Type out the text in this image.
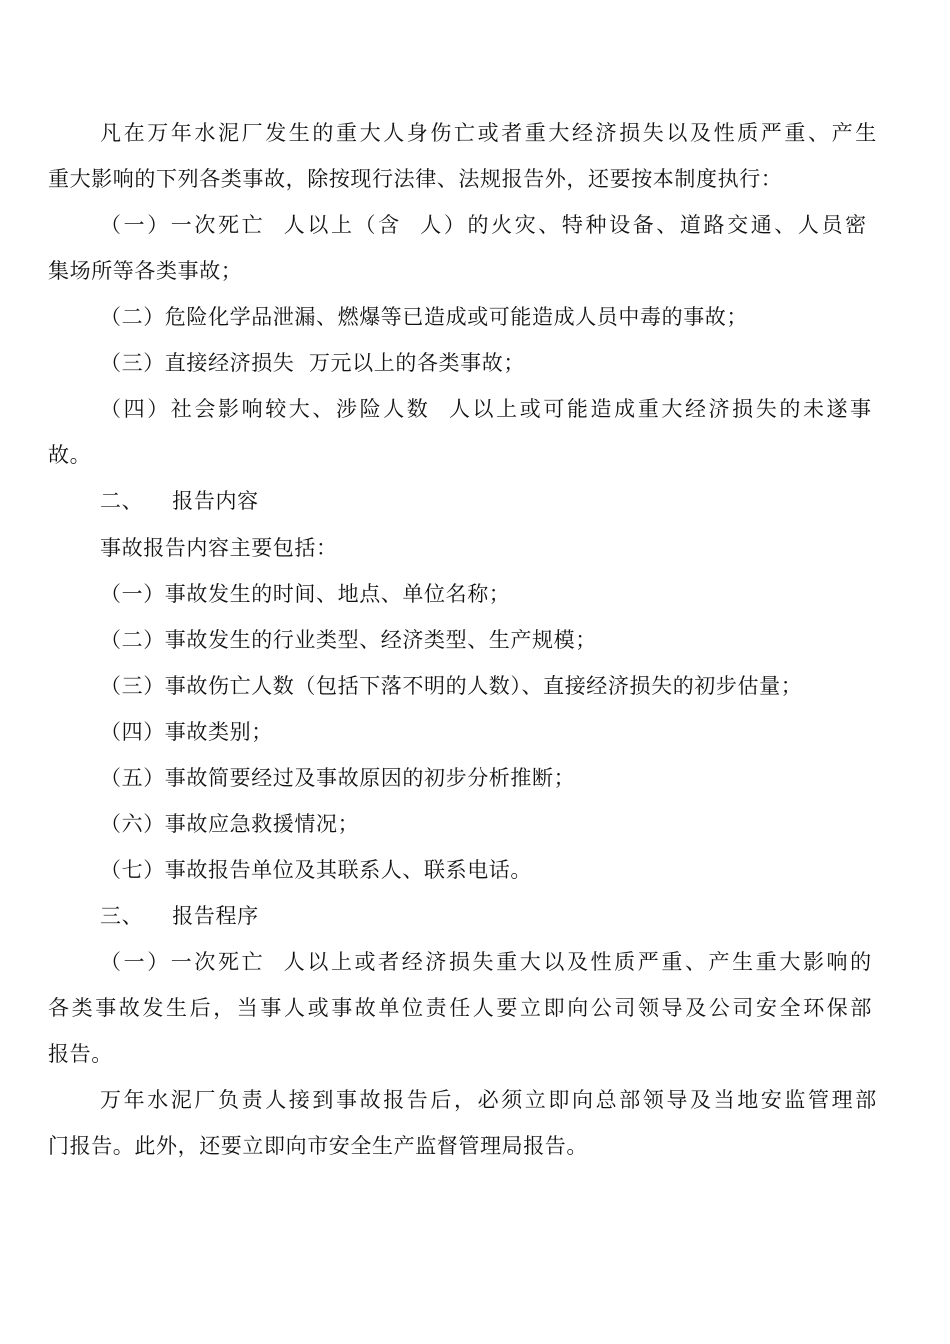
凡在万年水泥厂发生的重大人身伤亡或者重大经济损失以及性质严重、产生
重大影响的下列各类事故，除按现行法律、法规报告外，还要按本制度执行：
（一）一次死亡  人以上（含  人）的火灾、特种设备、道路交通、人员密
集场所等各类事故；
（二）危险化学品泄漏、燃爆等已造成或可能造成人员中毒的事故；
（三）直接经济损失  万元以上的各类事故；
（四）社会影响较大、涉险人数  人以上或可能造成重大经济损失的未遂事
故。
二、    报告内容
事故报告内容主要包括：
（一）事故发生的时间、地点、单位名称；
（二）事故发生的行业类型、经济类型、生产规模；
（三）事故伤亡人数（包括下落不明的人数）、直接经济损失的初步估量；
（四）事故类别；
（五）事故简要经过及事故原因的初步分析推断；
（六）事故应急救援情况；
（七）事故报告单位及其联系人、联系电话。
三、    报告程序
（一）一次死亡  人以上或者经济损失重大以及性质严重、产生重大影响的
各类事故发生后，当事人或事故单位责任人要立即向公司领导及公司安全环保部
报告。
万年水泥厂负责人接到事故报告后，必须立即向总部领导及当地安监管理部
门报告。此外，还要立即向市安全生产监督管理局报告。
